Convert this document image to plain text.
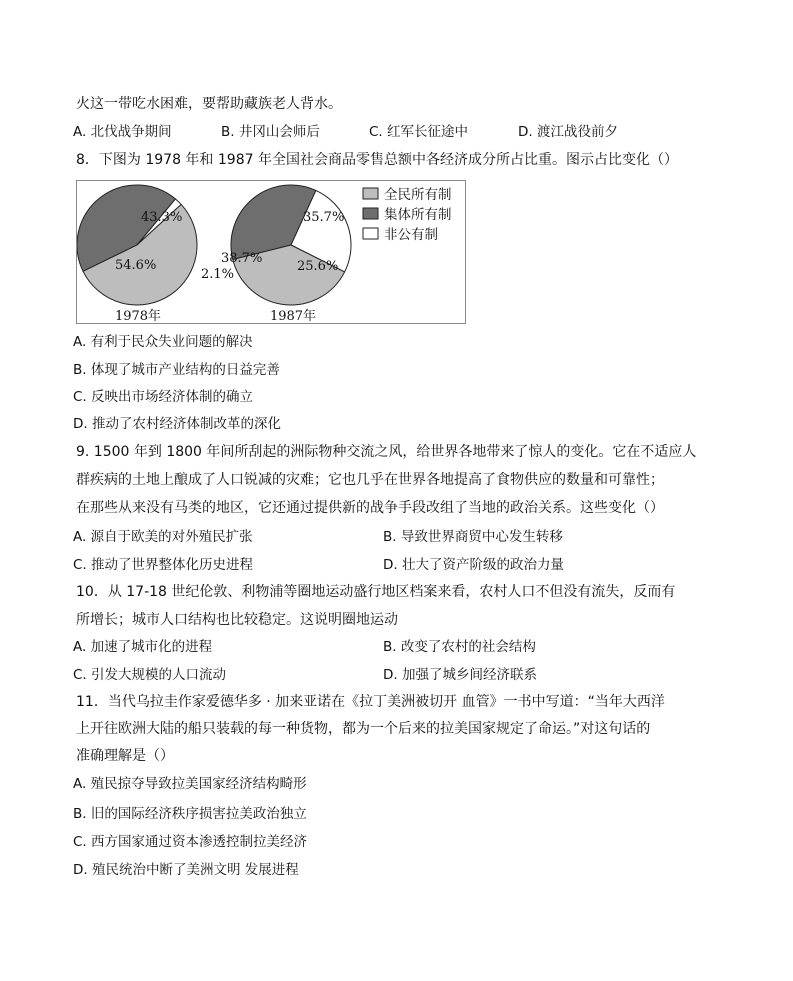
火这一带吃水困难，要帮助藏族老人背水。
A. 北伐战争期间	B. 井冈山会师后	C. 红军长征途中	D. 渡江战役前夕
8．下图为 1978 年和 1987 年全国社会商品零售总额中各经济成分所占比重。图示占比变化（）
54.6%
43.3%
2.1%
1978年
38.7%
35.7%
25.6%
1987年
全民所有制
集体所有制
非公有制
A. 有利于民众失业问题的解决
B. 体现了城市产业结构的日益完善
C. 反映出市场经济体制的确立
D. 推动了农村经济体制改革的深化
9. 1500 年到 1800 年间所刮起的洲际物种交流之风，给世界各地带来了惊人的变化。它在不适应人
群疾病的土地上酿成了人口锐减的灾难；它也几乎在世界各地提高了食物供应的数量和可靠性；
在那些从来没有马类的地区，它还通过提供新的战争手段改组了当地的政治关系。这些变化（）
A. 源自于欧美的对外殖民扩张	B. 导致世界商贸中心发生转移
C. 推动了世界整体化历史进程	D. 壮大了资产阶级的政治力量
10．从 17-18 世纪伦敦、利物浦等圈地运动盛行地区档案来看，农村人口不但没有流失，反而有
所增长；城市人口结构也比较稳定。这说明圈地运动
A. 加速了城市化的进程	B. 改变了农村的社会结构
C. 引发大规模的人口流动	D. 加强了城乡间经济联系
11．当代乌拉圭作家爱德华多 · 加来亚诺在《拉丁美洲被切开 血管》一书中写道：“当年大西洋
上开往欧洲大陆的船只装载的每一种货物，都为一个后来的拉美国家规定了命运。”对这句话的
准确理解是（）
A. 殖民掠夺导致拉美国家经济结构畸形
B. 旧的国际经济秩序损害拉美政治独立
C. 西方国家通过资本渗透控制拉美经济
D. 殖民统治中断了美洲文明 发展进程
